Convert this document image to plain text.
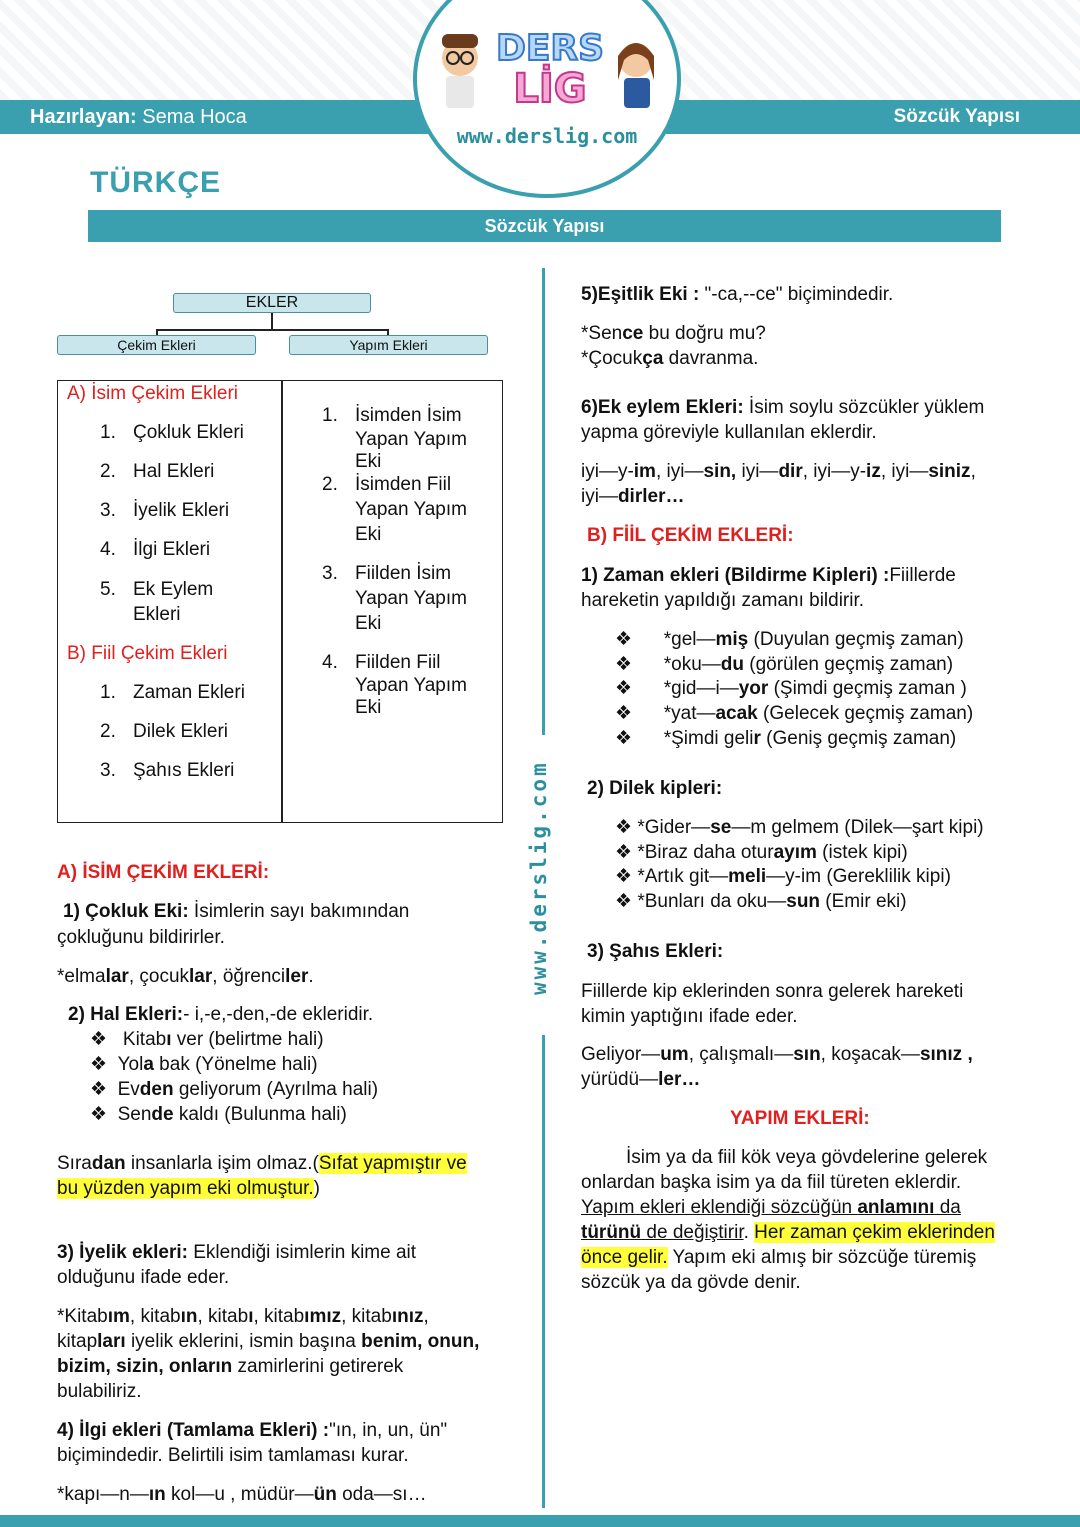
Hazırlayan: Sema Hoca	Sözcük Yapısı
DERS
LİG
www.derslig.com
TÜRKÇE
Sözcük Yapısı
EKLER
Çekim Ekleri	Yapım Ekleri
A) İsim Çekim Ekleri
1. Çokluk Ekleri
2. Hal Ekleri
3. İyelik Ekleri
4. İlgi Ekleri
5. Ek Eylem
Ekleri
B) Fiil Çekim Ekleri
1. Zaman Ekleri
2. Dilek Ekleri
3. Şahıs Ekleri
1. İsimden İsim
Yapan Yapım
Eki
2. İsimden Fiil
Yapan Yapım
Eki
3. Fiilden İsim
Yapan Yapım
Eki
4. Fiilden Fiil
Yapan Yapım
Eki
A) İSİM ÇEKİM EKLERİ:
1) Çokluk Eki: İsimlerin sayı bakımından
çokluğunu bildirirler.
*elmalar, çocuklar, öğrenciler.
2) Hal Ekleri:- i,-e,-den,-de ekleridir.
❖ Kitabı ver (belirtme hali)
❖ Yola bak (Yönelme hali)
❖ Evden geliyorum (Ayrılma hali)
❖ Sende kaldı (Bulunma hali)
Sıradan insanlarla işim olmaz.(Sıfat yapmıştır ve
bu yüzden yapım eki olmuştur.)
3) İyelik ekleri: Eklendiği isimlerin kime ait
olduğunu ifade eder.
*Kitabım, kitabın, kitabı, kitabımız, kitabınız,
kitapları iyelik eklerini, ismin başına benim, onun,
bizim, sizin, onların zamirlerini getirerek
bulabiliriz.
4) İlgi ekleri (Tamlama Ekleri) :"ın, in, un, ün"
biçimindedir. Belirtili isim tamlaması kurar.
*kapı—n—ın kol—u , müdür—ün oda—sı…
www.derslig.com
5)Eşitlik Eki : "-ca,--ce" biçimindedir.
*Sence bu doğru mu?
*Çocukça davranma.
6)Ek eylem Ekleri: İsim soylu sözcükler yüklem
yapma göreviyle kullanılan eklerdir.
iyi—y-im, iyi—sin, iyi—dir, iyi—y-iz, iyi—siniz,
iyi—dirler…
B) FİİL ÇEKİM EKLERİ:
1) Zaman ekleri (Bildirme Kipleri) :Fiillerde
hareketin yapıldığı zamanı bildirir.
❖ *gel—miş (Duyulan geçmiş zaman)
❖ *oku—du (görülen geçmiş zaman)
❖ *gid—i—yor (Şimdi geçmiş zaman )
❖ *yat—acak (Gelecek geçmiş zaman)
❖ *Şimdi gelir (Geniş geçmiş zaman)
2) Dilek kipleri:
❖ *Gider—se—m gelmem (Dilek—şart kipi)
❖ *Biraz daha oturayım (istek kipi)
❖ *Artık git—meli—y-im (Gereklilik kipi)
❖ *Bunları da oku—sun (Emir eki)
3) Şahıs Ekleri:
Fiillerde kip eklerinden sonra gelerek hareketi
kimin yaptığını ifade eder.
Geliyor—um, çalışmalı—sın, koşacak—sınız ,
yürüdü—ler…
YAPIM EKLERİ:
İsim ya da fiil kök veya gövdelerine gelerek
onlardan başka isim ya da fiil türeten eklerdir.
Yapım ekleri eklendiği sözcüğün anlamını da
türünü de değiştirir. Her zaman çekim eklerinden
önce gelir. Yapım eki almış bir sözcüğe türemiş
sözcük ya da gövde denir.
